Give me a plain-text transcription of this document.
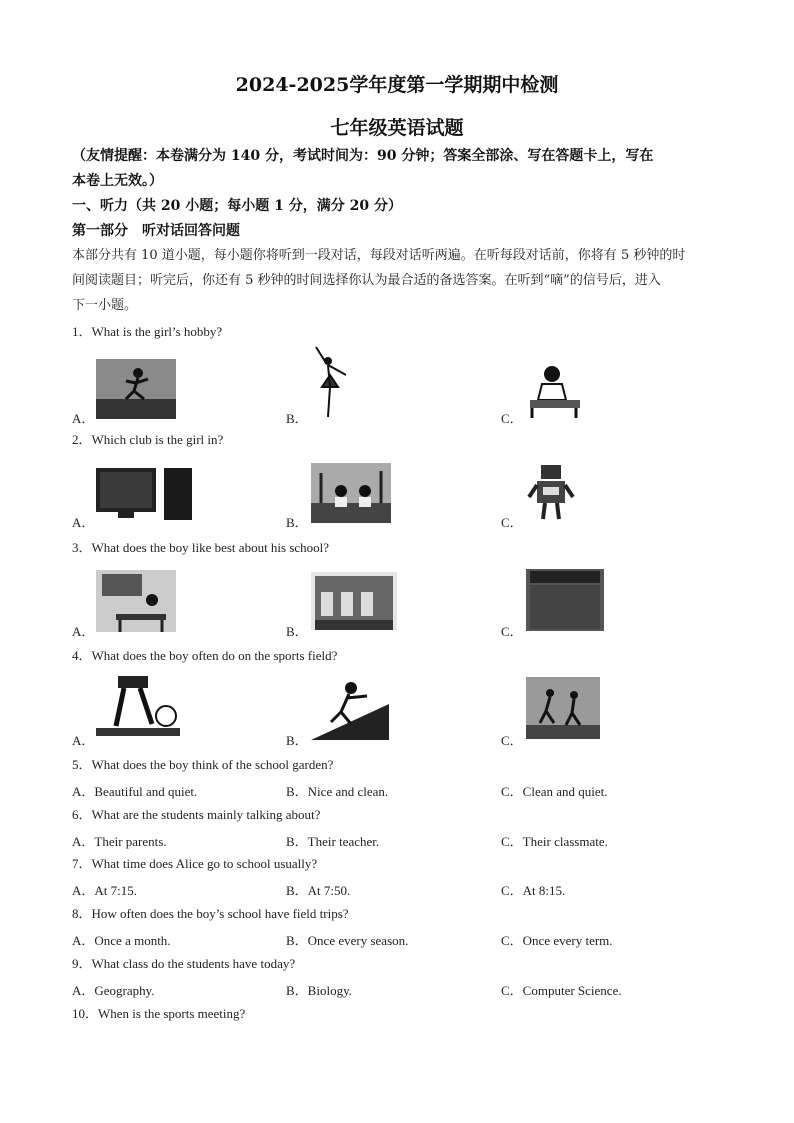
2024-2025学年度第一学期期中检测
七年级英语试题
（友情提醒：本卷满分为 140 分，考试时间为：90 分钟；答案全部涂、写在答题卡上，写在
本卷上无效。）
一、听力（共 20 小题；每小题 1 分，满分 20 分）
第一部分　听对话回答问题
本部分共有 10 道小题，每小题你将听到一段对话，每段对话听两遍。在听每段对话前，你将有 5 秒钟的时
间阅读题目；听完后，你还有 5 秒钟的时间选择你认为最合适的备选答案。在听到“嘀”的信号后，进入
下一小题。
1．What is the girl’s hobby?
A．	B．	C．
2．Which club is the girl in?
A．	B．	C．
3．What does the boy like best about his school?
A．	B．	C．
4．What does the boy often do on the sports field?
A．	B．	C．
5．What does the boy think of the school garden?
A．Beautiful and quiet.	B．Nice and clean.	C．Clean and quiet.
6．What are the students mainly talking about?
A．Their parents.	B．Their teacher.	C．Their classmate.
7．What time does Alice go to school usually?
A．At 7:15.	B．At 7:50.	C．At 8:15.
8．How often does the boy’s school have field trips?
A．Once a month.	B．Once every season.	C．Once every term.
9．What class do the students have today?
A．Geography.	B．Biology.	C．Computer Science.
10．When is the sports meeting?
